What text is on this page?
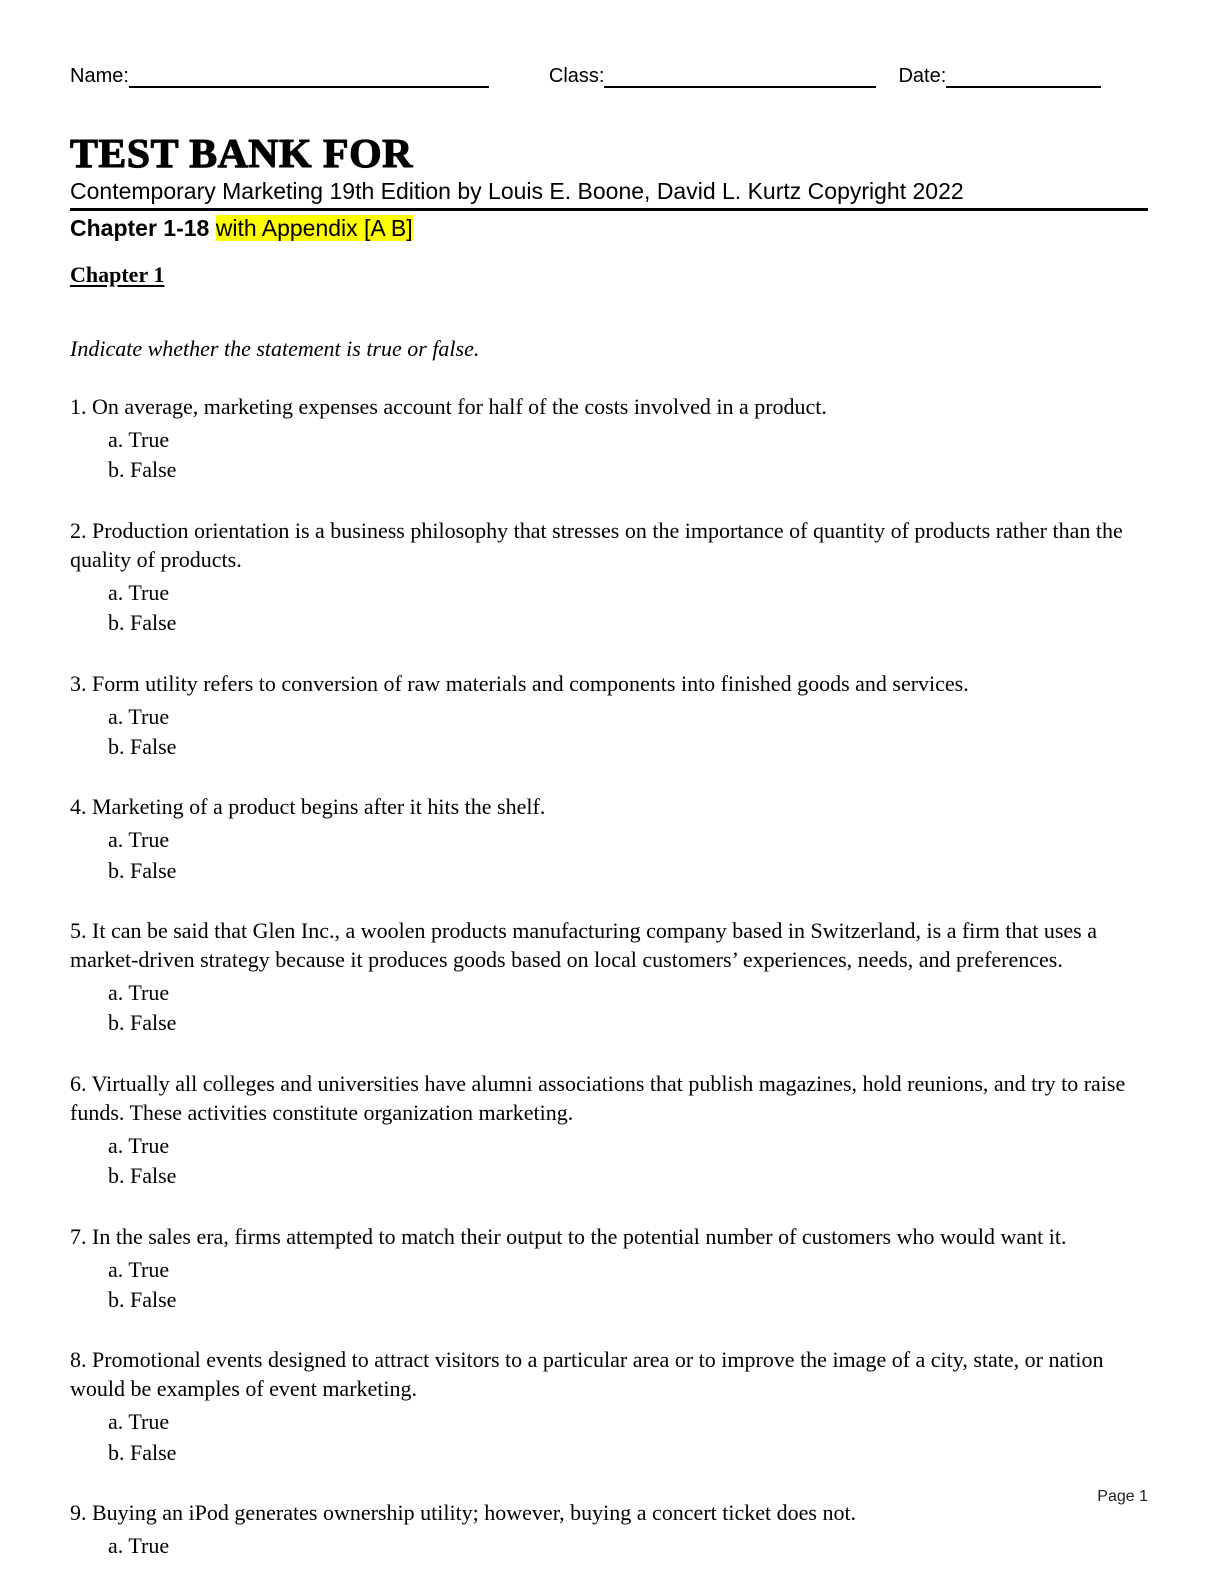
Name:	Class:	Date:
TEST BANK FOR
Contemporary Marketing 19th Edition by Louis E. Boone, David L. Kurtz Copyright 2022
Chapter 1-18 with Appendix [A B]
Chapter 1

Indicate whether the statement is true or false.

1. On average, marketing expenses account for half of the costs involved in a product.

a. True
b. False

2. Production orientation is a business philosophy that stresses on the importance of quantity of products rather than the quality of products.

a. True
b. False

3. Form utility refers to conversion of raw materials and components into finished goods and services.

a. True
b. False

4. Marketing of a product begins after it hits the shelf.

a. True
b. False

5. It can be said that Glen Inc., a woolen products manufacturing company based in Switzerland, is a firm that uses a market-driven strategy because it produces goods based on local customers’ experiences, needs, and preferences.

a. True
b. False

6. Virtually all colleges and universities have alumni associations that publish magazines, hold reunions, and try to raise funds. These activities constitute organization marketing.

a. True
b. False

7. In the sales era, firms attempted to match their output to the potential number of customers who would want it.

a. True
b. False

8. Promotional events designed to attract visitors to a particular area or to improve the image of a city, state, or nation would be examples of event marketing.

a. True
b. False

9. Buying an iPod generates ownership utility; however, buying a concert ticket does not.

a. True
Page 1
